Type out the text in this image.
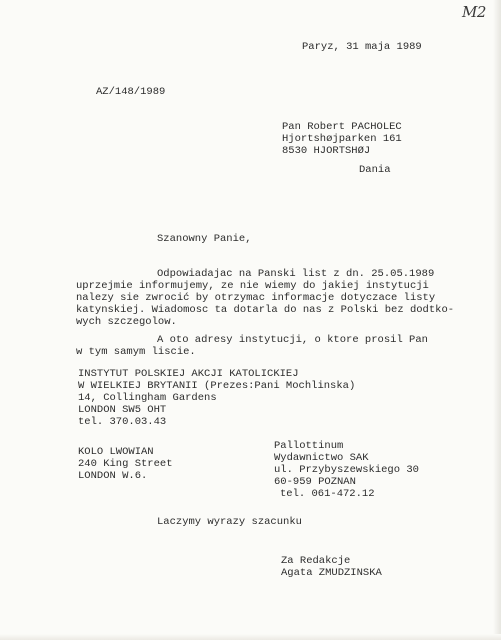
M2
Paryz, 31 maja 1989
AZ/148/1989
Pan Robert PACHOLEC
Hjortshøjparken 161
8530 HJORTSHØJ
Dania
Szanowny Panie,
Odpowiadajac na Panski list z dn. 25.05.1989
uprzejmie informujemy, ze nie wiemy do jakiej instytucji
nalezy sie zwrocić by otrzymac informacje dotyczace listy
katynskiej. Wiadomosc ta dotarla do nas z Polski bez dodtko-
wych szczegolow.
A oto adresy instytucji, o ktore prosil Pan
w tym samym liscie.
INSTYTUT POLSKIEJ AKCJI KATOLICKIEJ
W WIELKIEJ BRYTANII (Prezes:Pani Mochlinska)
14, Collingham Gardens
LONDON SW5 OHT
tel. 370.03.43
KOLO LWOWIAN
240 King Street
LONDON W.6.
Pallottinum
Wydawnictwo SAK
ul. Przybyszewskiego 30
60-959 POZNAN
tel. 061-472.12
Laczymy wyrazy szacunku
Za Redakcje
Agata ZMUDZINSKA
